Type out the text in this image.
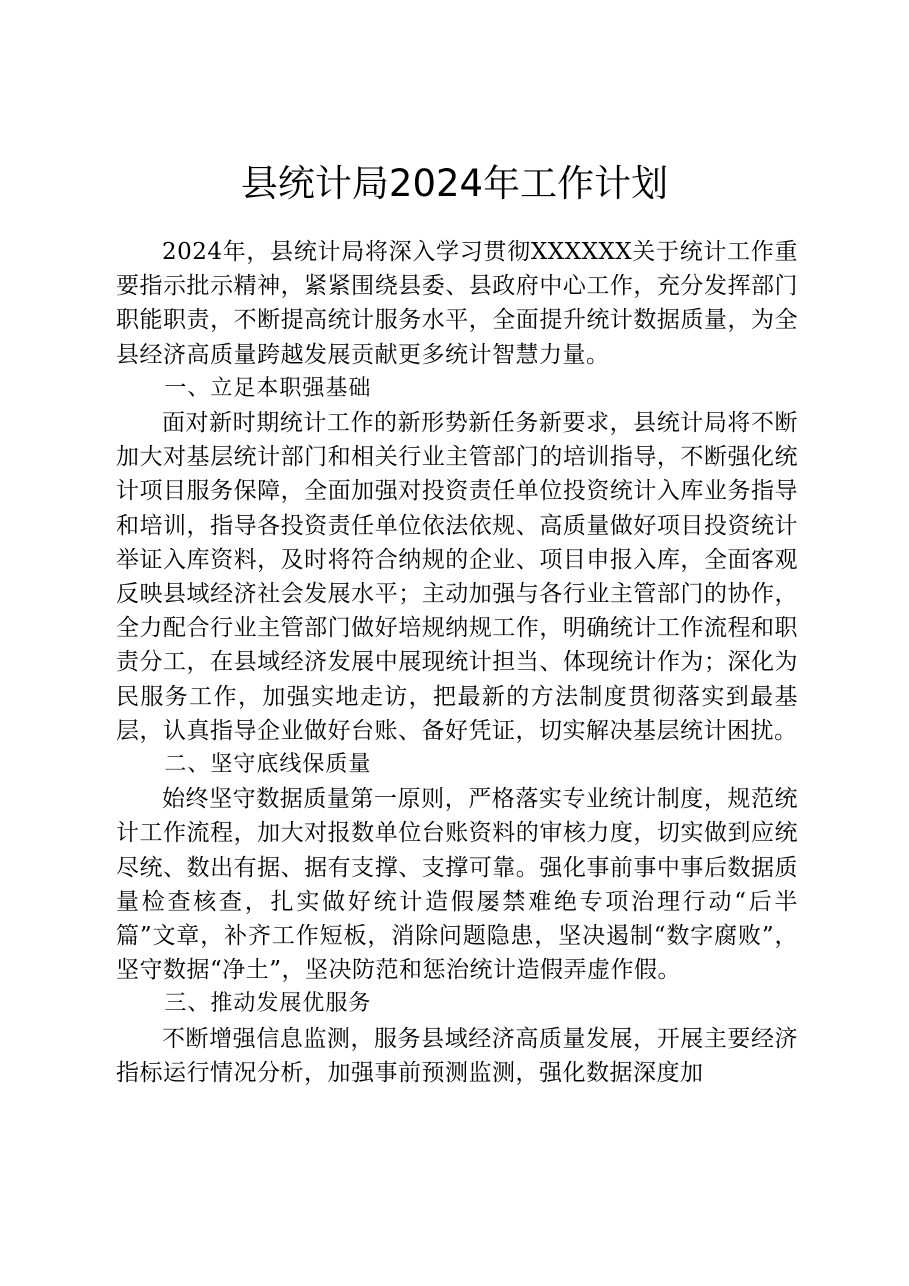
县统计局2024年工作计划

2024年，县统计局将深入学习贯彻XXXXXX关于统计工作重要指示批示精神，紧紧围绕县委、县政府中心工作，充分发挥部门职能职责，不断提高统计服务水平，全面提升统计数据质量，为全县经济高质量跨越发展贡献更多统计智慧力量。

一、立足本职强基础

面对新时期统计工作的新形势新任务新要求，县统计局将不断加大对基层统计部门和相关行业主管部门的培训指导，不断强化统计项目服务保障，全面加强对投资责任单位投资统计入库业务指导和培训，指导各投资责任单位依法依规、高质量做好项目投资统计举证入库资料，及时将符合纳规的企业、项目申报入库，全面客观反映县域经济社会发展水平；主动加强与各行业主管部门的协作，全力配合行业主管部门做好培规纳规工作，明确统计工作流程和职责分工，在县域经济发展中展现统计担当、体现统计作为；深化为民服务工作，加强实地走访，把最新的方法制度贯彻落实到最基层，认真指导企业做好台账、备好凭证，切实解决基层统计困扰。

二、坚守底线保质量

始终坚守数据质量第一原则，严格落实专业统计制度，规范统计工作流程，加大对报数单位台账资料的审核力度，切实做到应统尽统、数出有据、据有支撑、支撑可靠。强化事前事中事后数据质量检查核查，扎实做好统计造假屡禁难绝专项治理行动“后半篇”文章，补齐工作短板，消除问题隐患，坚决遏制“数字腐败”，坚守数据“净土”，坚决防范和惩治统计造假弄虚作假。

三、推动发展优服务

不断增强信息监测，服务县域经济高质量发展，开展主要经济指标运行情况分析，加强事前预测监测，强化数据深度加
